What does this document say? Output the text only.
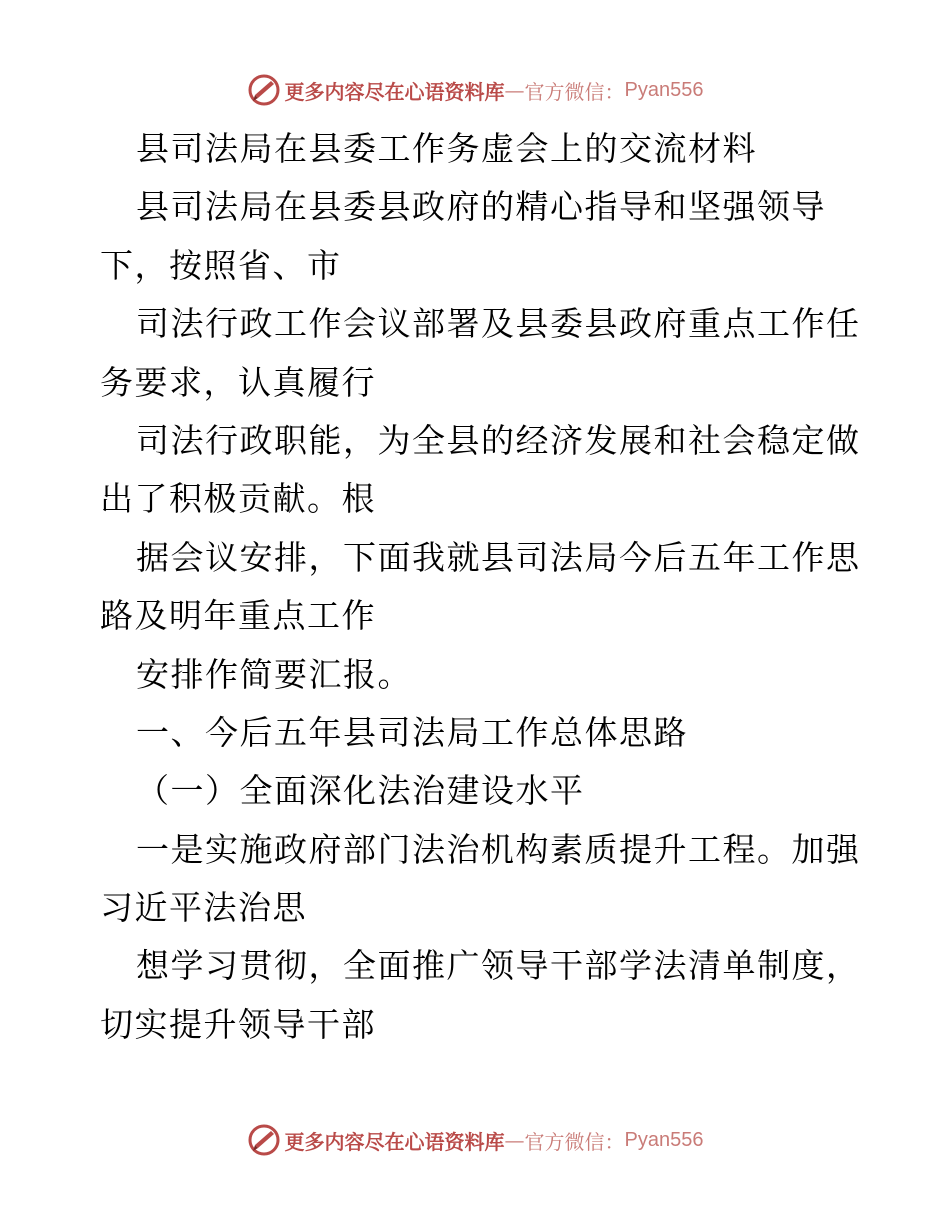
更多内容尽在心语资料库 — 官方微信： Pyan556
县司法局在县委工作务虚会上的交流材料
县司法局在县委县政府的精心指导和坚强领导
下，按照省、市
司法行政工作会议部署及县委县政府重点工作任
务要求，认真履行
司法行政职能，为全县的经济发展和社会稳定做
出了积极贡献。根
据会议安排，下面我就县司法局今后五年工作思
路及明年重点工作
安排作简要汇报。
一、今后五年县司法局工作总体思路
（一）全面深化法治建设水平
一是实施政府部门法治机构素质提升工程。加强
习近平法治思
想学习贯彻，全面推广领导干部学法清单制度，
切实提升领导干部
更多内容尽在心语资料库 — 官方微信： Pyan556
